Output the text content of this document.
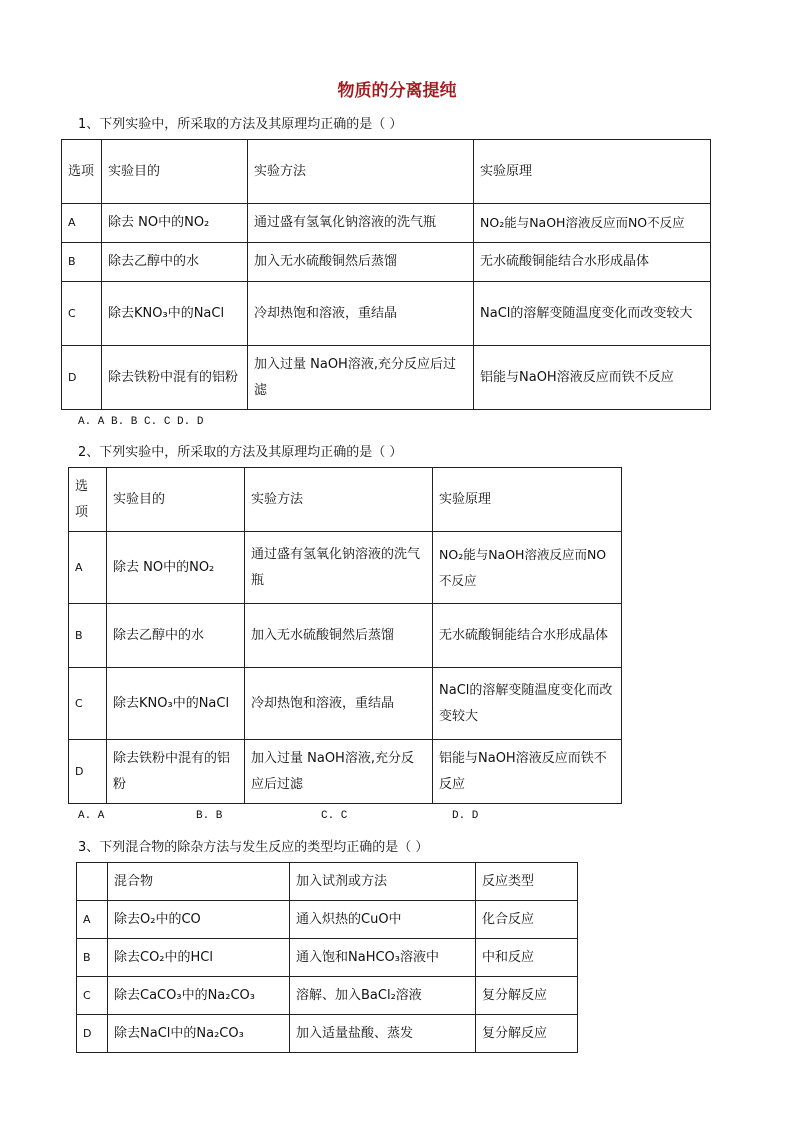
物质的分离提纯
1、下列实验中，所采取的方法及其原理均正确的是（ ）
选项	实验目的	实验方法	实验原理
A	除去 NO中的NO₂	通过盛有氢氧化钠溶液的洗气瓶	NO₂能与NaOH溶液反应而NO不反应
B	除去乙醇中的水	加入无水硫酸铜然后蒸馏	无水硫酸铜能结合水形成晶体
C	除去KNO₃中的NaCl	冷却热饱和溶液，重结晶	NaCl的溶解变随温度变化而改变较大
D	除去铁粉中混有的铝粉	加入过量 NaOH溶液,充分反应后过滤	铝能与NaOH溶液反应而铁不反应
A. A B. B C. C D. D
2、下列实验中，所采取的方法及其原理均正确的是（ ）
选项	实验目的	实验方法	实验原理
A	除去 NO中的NO₂	通过盛有氢氧化钠溶液的洗气瓶	NO₂能与NaOH溶液反应而NO不反应
B	除去乙醇中的水	加入无水硫酸铜然后蒸馏	无水硫酸铜能结合水形成晶体
C	除去KNO₃中的NaCl	冷却热饱和溶液，重结晶	NaCl的溶解变随温度变化而改变较大
D	除去铁粉中混有的铝粉	加入过量 NaOH溶液,充分反应后过滤	铝能与NaOH溶液反应而铁不反应
A. A	B. B	C. C	D. D
3、下列混合物的除杂方法与发生反应的类型均正确的是（ ）
	混合物	加入试剂或方法	反应类型
A	除去O₂中的CO	通入炽热的CuO中	化合反应
B	除去CO₂中的HCl	通入饱和NaHCO₃溶液中	中和反应
C	除去CaCO₃中的Na₂CO₃	溶解、加入BaCl₂溶液	复分解反应
D	除去NaCl中的Na₂CO₃	加入适量盐酸、蒸发	复分解反应
